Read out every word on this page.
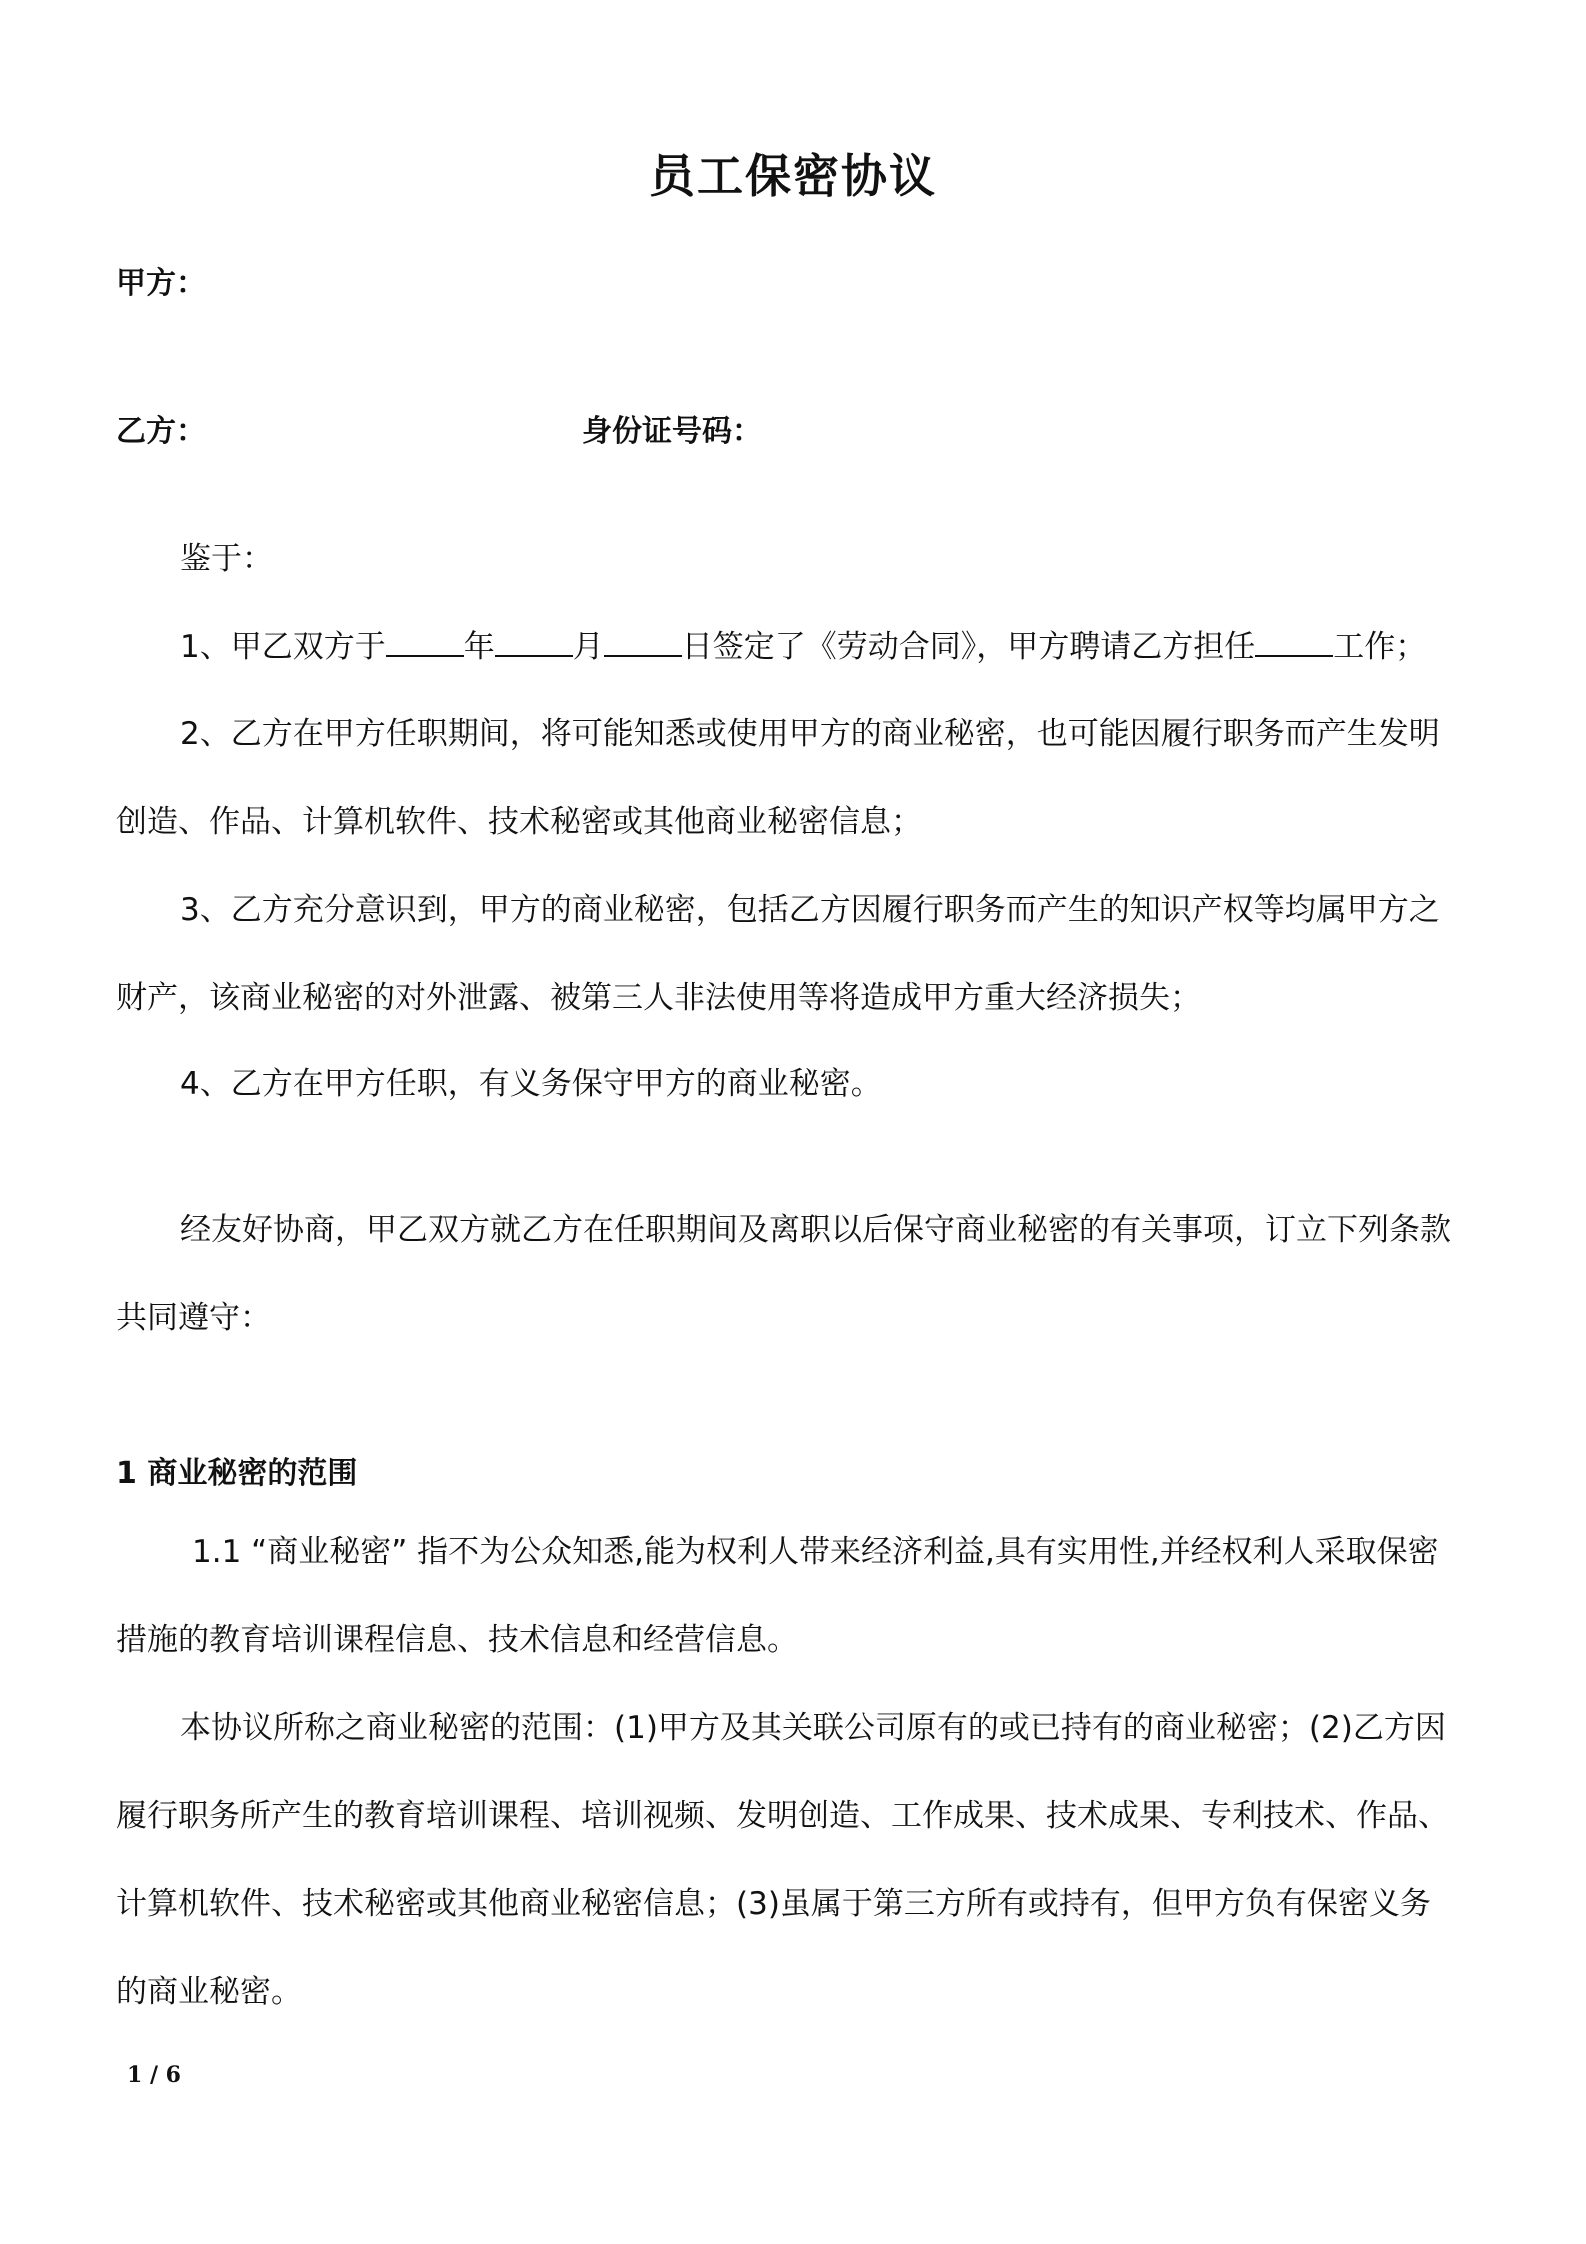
员工保密协议
甲方：
乙方：	身份证号码：
鉴于：
1、甲乙双方于	年	月	日签定了《劳动合同》，甲方聘请乙方担任	工作；
2、乙方在甲方任职期间，将可能知悉或使用甲方的商业秘密，也可能因履行职务而产生发明
创造、作品、计算机软件、技术秘密或其他商业秘密信息；
3、乙方充分意识到，甲方的商业秘密，包括乙方因履行职务而产生的知识产权等均属甲方之
财产，该商业秘密的对外泄露、被第三人非法使用等将造成甲方重大经济损失；
4、乙方在甲方任职，有义务保守甲方的商业秘密。
经友好协商，甲乙双方就乙方在任职期间及离职以后保守商业秘密的有关事项，订立下列条款
共同遵守：
1 商业秘密的范围
1.1 “商业秘密” 指不为公众知悉,能为权利人带来经济利益,具有实用性,并经权利人采取保密
措施的教育培训课程信息、技术信息和经营信息。
本协议所称之商业秘密的范围：(1)甲方及其关联公司原有的或已持有的商业秘密；(2)乙方因
履行职务所产生的教育培训课程、培训视频、发明创造、工作成果、技术成果、专利技术、作品、
计算机软件、技术秘密或其他商业秘密信息；(3)虽属于第三方所有或持有，但甲方负有保密义务
的商业秘密。
1 / 6
